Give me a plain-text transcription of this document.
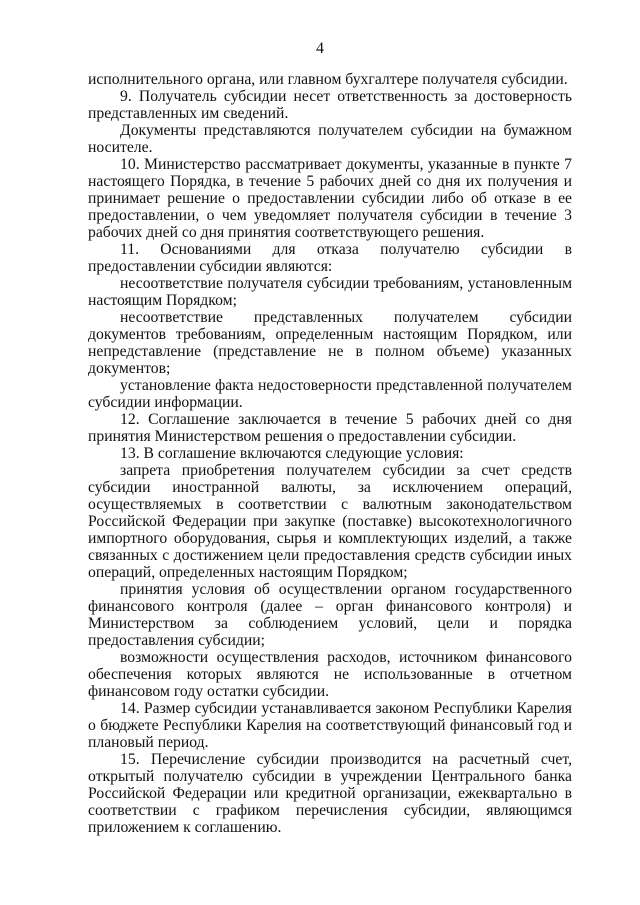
4

исполнительного органа, или главном бухгалтере получателя субсидии.

9. Получатель субсидии несет ответственность за достоверность представленных им сведений.

Документы представляются получателем субсидии на бумажном носителе.

10. Министерство рассматривает документы, указанные в пункте 7 настоящего Порядка, в течение 5 рабочих дней со дня их получения и принимает решение о предоставлении субсидии либо об отказе в ее предоставлении, о чем уведомляет получателя субсидии в течение 3 рабочих дней со дня принятия соответствующего решения.

11. Основаниями для отказа получателю субсидии в предоставлении субсидии являются:

несоответствие получателя субсидии требованиям, установленным настоящим Порядком;

несоответствие представленных получателем субсидии документов требованиям, определенным настоящим Порядком, или непредставление (представление не в полном объеме) указанных документов;

установление факта недостоверности представленной получателем субсидии информации.

12. Соглашение заключается в течение 5 рабочих дней со дня принятия Министерством решения о предоставлении субсидии.

13. В соглашение включаются следующие условия:

запрета приобретения получателем субсидии за счет средств субсидии иностранной валюты, за исключением операций, осуществляемых в соответствии с валютным законодательством Российской Федерации при закупке (поставке) высокотехнологичного импортного оборудования, сырья и комплектующих изделий, а также связанных с достижением цели предоставления средств субсидии иных операций, определенных настоящим Порядком;

принятия условия об осуществлении органом государственного финансового контроля (далее – орган финансового контроля) и Министерством за соблюдением условий, цели и порядка предоставления субсидии;

возможности осуществления расходов, источником финансового обеспечения которых являются не использованные в отчетном финансовом году остатки субсидии.

14. Размер субсидии устанавливается законом Республики Карелия о бюджете Республики Карелия на соответствующий финансовый год и плановый период.

15. Перечисление субсидии производится на расчетный счет, открытый получателю субсидии в учреждении Центрального банка Российской Федерации или кредитной организации, ежеквартально в соответствии с графиком перечисления субсидии, являющимся приложением к соглашению.
